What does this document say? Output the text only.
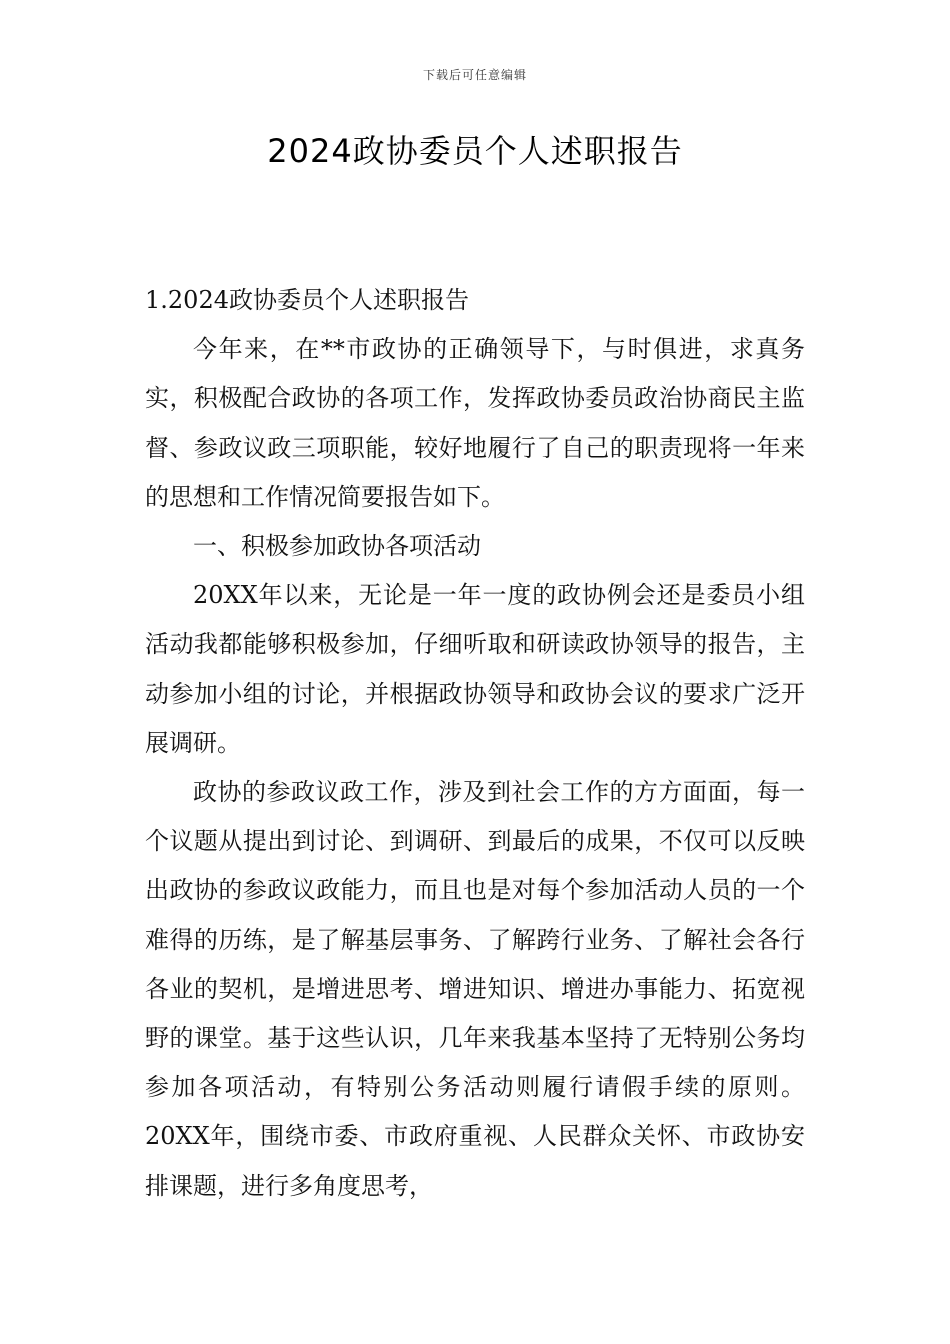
下载后可任意编辑
2024政协委员个人述职报告

1.2024政协委员个人述职报告

今年来，在**市政协的正确领导下，与时俱进，求真务实，积极配合政协的各项工作，发挥政协委员政治协商民主监督、参政议政三项职能，较好地履行了自己的职责现将一年来的思想和工作情况简要报告如下。

一、积极参加政协各项活动

20XX年以来，无论是一年一度的政协例会还是委员小组活动我都能够积极参加，仔细听取和研读政协领导的报告，主动参加小组的讨论，并根据政协领导和政协会议的要求广泛开展调研。

政协的参政议政工作，涉及到社会工作的方方面面，每一个议题从提出到讨论、到调研、到最后的成果，不仅可以反映出政协的参政议政能力，而且也是对每个参加活动人员的一个难得的历练，是了解基层事务、了解跨行业务、了解社会各行各业的契机，是增进思考、增进知识、增进办事能力、拓宽视野的课堂。基于这些认识，几年来我基本坚持了无特别公务均参加各项活动，有特别公务活动则履行请假手续的原则。20XX年，围绕市委、市政府重视、人民群众关怀、市政协安排课题，进行多角度思考，
